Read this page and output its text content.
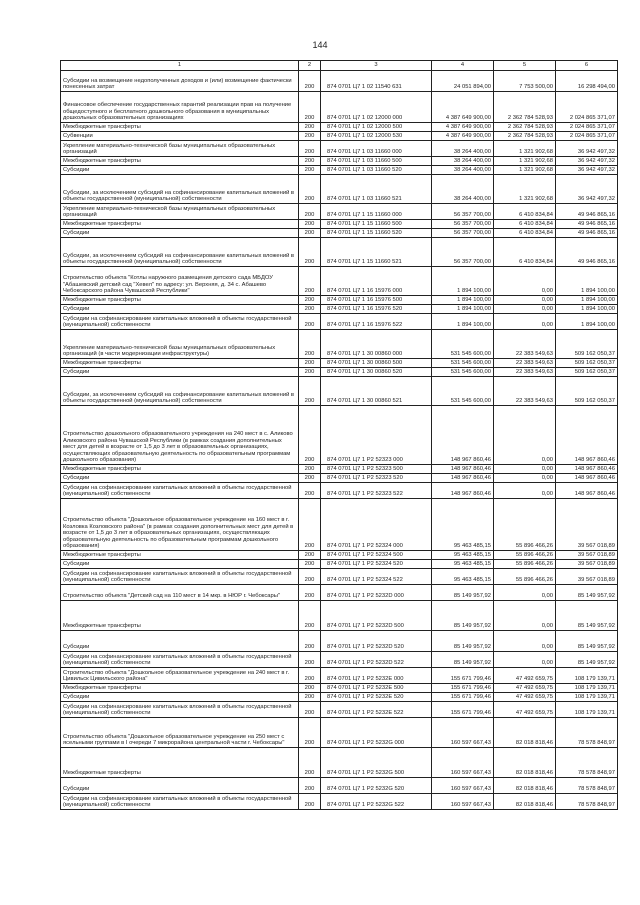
144
1	2	3	4	5	6
Субсидии на возмещение недополученных доходов и (или) возмещение фактически понесенных затрат	200	874 0701 Ц7 1 02 11540 631	24 051 894,00	7 753 500,00	16 298 494,00
Финансовое обеспечение государственных гарантий реализации прав на получение общедоступного и бесплатного дошкольного образования в муниципальных дошкольных образовательных организациях	200	874 0701 Ц7 1 02 12000 000	4 387 649 900,00	2 362 784 528,93	2 024 865 371,07
Межбюджетные трансферты	200	874 0701 Ц7 1 02 12000 500	4 387 649 900,00	2 362 784 528,93	2 024 865 371,07
Субвенции	200	874 0701 Ц7 1 02 12000 530	4 387 649 900,00	2 362 784 528,93	2 024 865 371,07
Укрепление материально-технической базы муниципальных образовательных организаций	200	874 0701 Ц7 1 03 11660 000	38 264 400,00	1 321 902,68	36 942 497,32
Межбюджетные трансферты	200	874 0701 Ц7 1 03 11660 500	38 264 400,00	1 321 902,68	36 942 497,32
Субсидии	200	874 0701 Ц7 1 03 11660 520	38 264 400,00	1 321 902,68	36 942 497,32
Субсидии, за исключением субсидий на софинансирование капитальных вложений в объекты государственной (муниципальной) собственности	200	874 0701 Ц7 1 03 11660 521	38 264 400,00	1 321 902,68	36 942 497,32
Укрепление материально-технической базы муниципальных образовательных организаций	200	874 0701 Ц7 1 15 11660 000	56 357 700,00	6 410 834,84	49 946 865,16
Межбюджетные трансферты	200	874 0701 Ц7 1 15 11660 500	56 357 700,00	6 410 834,84	49 946 865,16
Субсидии	200	874 0701 Ц7 1 15 11660 520	56 357 700,00	6 410 834,84	49 946 865,16
Субсидии, за исключением субсидий на софинансирование капитальных вложений в объекты государственной (муниципальной) собственности	200	874 0701 Ц7 1 15 11660 521	56 357 700,00	6 410 834,84	49 946 865,16
Строительство объекта "Котлы наружного размещения детского сада МБДОУ "Абашевский детский сад "Хевел" по адресу: ул. Верхняя, д. 34 с. Абашево Чебоксарского района Чувашской Республики"	200	874 0701 Ц7 1 16 15976 000	1 894 100,00	0,00	1 894 100,00
Межбюджетные трансферты	200	874 0701 Ц7 1 16 15976 500	1 894 100,00	0,00	1 894 100,00
Субсидии	200	874 0701 Ц7 1 16 15976 520	1 894 100,00	0,00	1 894 100,00
Субсидии на софинансирование капитальных вложений в объекты государственной (муниципальной) собственности	200	874 0701 Ц7 1 16 15976 522	1 894 100,00	0,00	1 894 100,00
Укрепление материально-технической базы муниципальных образовательных организаций (в части модернизации инфраструктуры)	200	874 0701 Ц7 1 30 00860 000	531 545 600,00	22 383 549,63	509 162 050,37
Межбюджетные трансферты	200	874 0701 Ц7 1 30 00860 500	531 545 600,00	22 383 549,63	509 162 050,37
Субсидии	200	874 0701 Ц7 1 30 00860 520	531 545 600,00	22 383 549,63	509 162 050,37
Субсидии, за исключением субсидий на софинансирование капитальных вложений в объекты государственной (муниципальной) собственности	200	874 0701 Ц7 1 30 00860 521	531 545 600,00	22 383 549,63	509 162 050,37
Строительство дошкольного образовательного учреждения на 240 мест в с. Аликово Аликовского района Чувашской Республики (в рамках создания дополнительных мест для детей в возрасте от 1,5 до 3 лет в образовательных организациях, осуществляющих образовательную деятельность по образовательным программам дошкольного образования)	200	874 0701 Ц7 1 P2 52323 000	148 967 860,46	0,00	148 967 860,46
Межбюджетные трансферты	200	874 0701 Ц7 1 P2 52323 500	148 967 860,46	0,00	148 967 860,46
Субсидии	200	874 0701 Ц7 1 P2 52323 520	148 967 860,46	0,00	148 967 860,46
Субсидии на софинансирование капитальных вложений в объекты государственной (муниципальной) собственности	200	874 0701 Ц7 1 P2 52323 522	148 967 860,46	0,00	148 967 860,46
Строительство объекта "Дошкольное образовательное учреждение на 160 мест в г. Козловка Козловского района" (в рамках создания дополнительных мест для детей в возрасте от 1,5 до 3 лет в образовательных организациях, осуществляющих образовательную деятельность по образовательным программам дошкольного образования)	200	874 0701 Ц7 1 P2 52324 000	95 463 485,15	55 896 466,26	39 567 018,89
Межбюджетные трансферты	200	874 0701 Ц7 1 P2 52324 500	95 463 485,15	55 896 466,26	39 567 018,89
Субсидии	200	874 0701 Ц7 1 P2 52324 520	95 463 485,15	55 896 466,26	39 567 018,89
Субсидии на софинансирование капитальных вложений в объекты государственной (муниципальной) собственности	200	874 0701 Ц7 1 P2 52324 522	95 463 485,15	55 896 466,26	39 567 018,89
Строительство объекта "Детский сад на 110 мест в 14 мкр. в НЮР г. Чебоксары"	200	874 0701 Ц7 1 P2 5232D 000	85 149 957,92	0,00	85 149 957,92
Межбюджетные трансферты	200	874 0701 Ц7 1 P2 5232D 500	85 149 957,92	0,00	85 149 957,92
Субсидии	200	874 0701 Ц7 1 P2 5232D 520	85 149 957,92	0,00	85 149 957,92
Субсидии на софинансирование капитальных вложений в объекты государственной (муниципальной) собственности	200	874 0701 Ц7 1 P2 5232D 522	85 149 957,92	0,00	85 149 957,92
Строительство объекта "Дошкольное образовательное учреждение на 240 мест в г. Цивильск Цивильского района"	200	874 0701 Ц7 1 P2 5232E 000	155 671 799,46	47 492 659,75	108 179 139,71
Межбюджетные трансферты	200	874 0701 Ц7 1 P2 5232E 500	155 671 799,46	47 492 659,75	108 179 139,71
Субсидии	200	874 0701 Ц7 1 P2 5232E 520	155 671 799,46	47 492 659,75	108 179 139,71
Субсидии на софинансирование капитальных вложений в объекты государственной (муниципальной) собственности	200	874 0701 Ц7 1 P2 5232E 522	155 671 799,46	47 492 659,75	108 179 139,71
Строительство объекта "Дошкольное образовательное учреждение на 250 мест с ясельными группами в I очереди 7 микрорайона центральной части г. Чебоксары"	200	874 0701 Ц7 1 P2 5232G 000	160 597 667,43	82 018 818,46	78 578 848,97
Межбюджетные трансферты	200	874 0701 Ц7 1 P2 5232G 500	160 597 667,43	82 018 818,46	78 578 848,97
Субсидии	200	874 0701 Ц7 1 P2 5232G 520	160 597 667,43	82 018 818,46	78 578 848,97
Субсидии на софинансирование капитальных вложений в объекты государственной (муниципальной) собственности	200	874 0701 Ц7 1 P2 5232G 522	160 597 667,43	82 018 818,46	78 578 848,97
